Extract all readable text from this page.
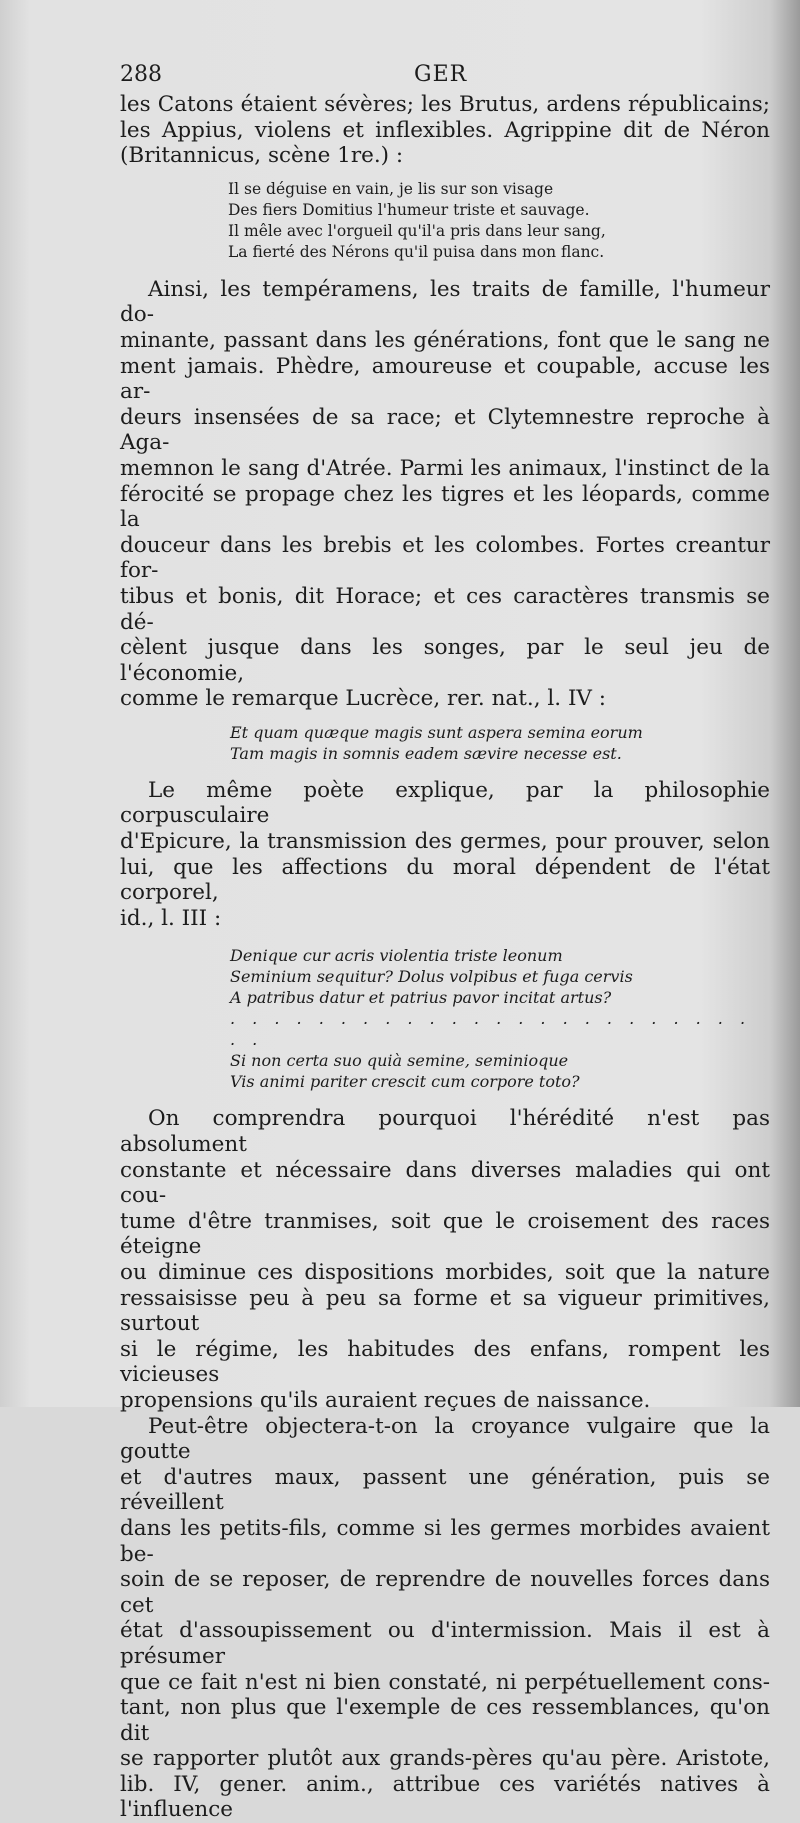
288	GER

les Catons étaient sévères; les Brutus, ardens républicains;

les Appius, violens et inflexibles. Agrippine dit de Néron

(Britannicus, scène 1re.) :

Il se déguise en vain, je lis sur son visage

Des fiers Domitius l'humeur triste et sauvage.

Il mêle avec l'orgueil qu'il'a pris dans leur sang,

La fierté des Nérons qu'il puisa dans mon flanc.

Ainsi, les tempéramens, les traits de famille, l'humeur do-

minante, passant dans les générations, font que le sang ne

ment jamais. Phèdre, amoureuse et coupable, accuse les ar-

deurs insensées de sa race; et Clytemnestre reproche à Aga-

memnon le sang d'Atrée. Parmi les animaux, l'instinct de la

férocité se propage chez les tigres et les léopards, comme la

douceur dans les brebis et les colombes. Fortes creantur for-

tibus et bonis, dit Horace; et ces caractères transmis se dé-

cèlent jusque dans les songes, par le seul jeu de l'économie,

comme le remarque Lucrèce, rer. nat., l. IV :

Et quam quæque magis sunt aspera semina eorum

Tam magis in somnis eadem sævire necesse est.

Le même poète explique, par la philosophie corpusculaire

d'Epicure, la transmission des germes, pour prouver, selon

lui, que les affections du moral dépendent de l'état corporel,

id., l. III :

Denique cur acris violentia triste leonum

Seminium sequitur? Dolus volpibus et fuga cervis

A patribus datur et patrius pavor incitat artus?

. . . . . . . . . . . . . . . . . . . . . . . . . .

Si non certa suo quià semine, seminioque

Vis animi pariter crescit cum corpore toto?

On comprendra pourquoi l'hérédité n'est pas absolument

constante et nécessaire dans diverses maladies qui ont cou-

tume d'être tranmises, soit que le croisement des races éteigne

ou diminue ces dispositions morbides, soit que la nature

ressaisisse peu à peu sa forme et sa vigueur primitives, surtout

si le régime, les habitudes des enfans, rompent les vicieuses

propensions qu'ils auraient reçues de naissance.

Peut-être objectera-t-on la croyance vulgaire que la goutte

et d'autres maux, passent une génération, puis se réveillent

dans les petits-fils, comme si les germes morbides avaient be-

soin de se reposer, de reprendre de nouvelles forces dans cet

état d'assoupissement ou d'intermission. Mais il est à présumer

que ce fait n'est ni bien constaté, ni perpétuellement cons-

tant, non plus que l'exemple de ces ressemblances, qu'on dit

se rapporter plutôt aux grands-pères qu'au père. Aristote,

lib. IV, gener. anim., attribue ces variétés natives à l'influence
